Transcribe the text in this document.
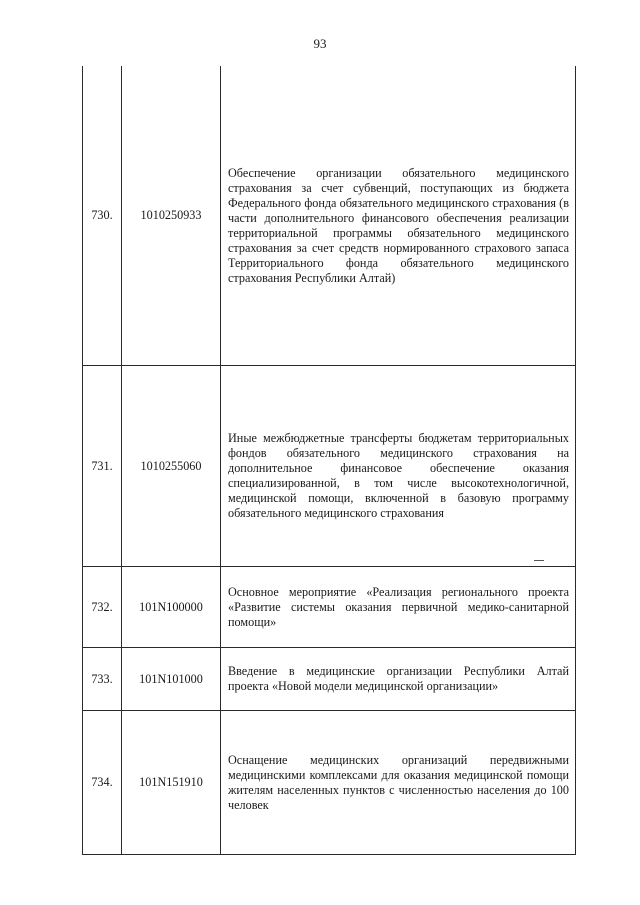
93
730.	1010250933	Обеспечение организации обязательного медицинского страхования за счет субвенций, поступающих из бюджета Федерального фонда обязательного медицинского страхования (в части дополнительного финансового обеспечения реализации территориальной программы обязательного медицинского страхования за счет средств нормированного страхового запаса Территориального фонда обязательного медицинского страхования Республики Алтай)

731.	1010255060	Иные межбюджетные трансферты бюджетам территориальных фондов обязательного медицинского страхования на дополнительное финансовое обеспечение оказания специализированной, в том числе высокотехнологичной, медицинской помощи, включенной в базовую программу обязательного медицинского страхования

732.	101N100000	Основное мероприятие «Реализация регионального проекта «Развитие системы оказания первичной медико-санитарной помощи»

733.	101N101000	Введение в медицинские организации Республики Алтай проекта «Новой модели медицинской организации»

734.	101N151910	Оснащение медицинских организаций передвижными медицинскими комплексами для оказания медицинской помощи жителям населенных пунктов с численностью населения до 100 человек
